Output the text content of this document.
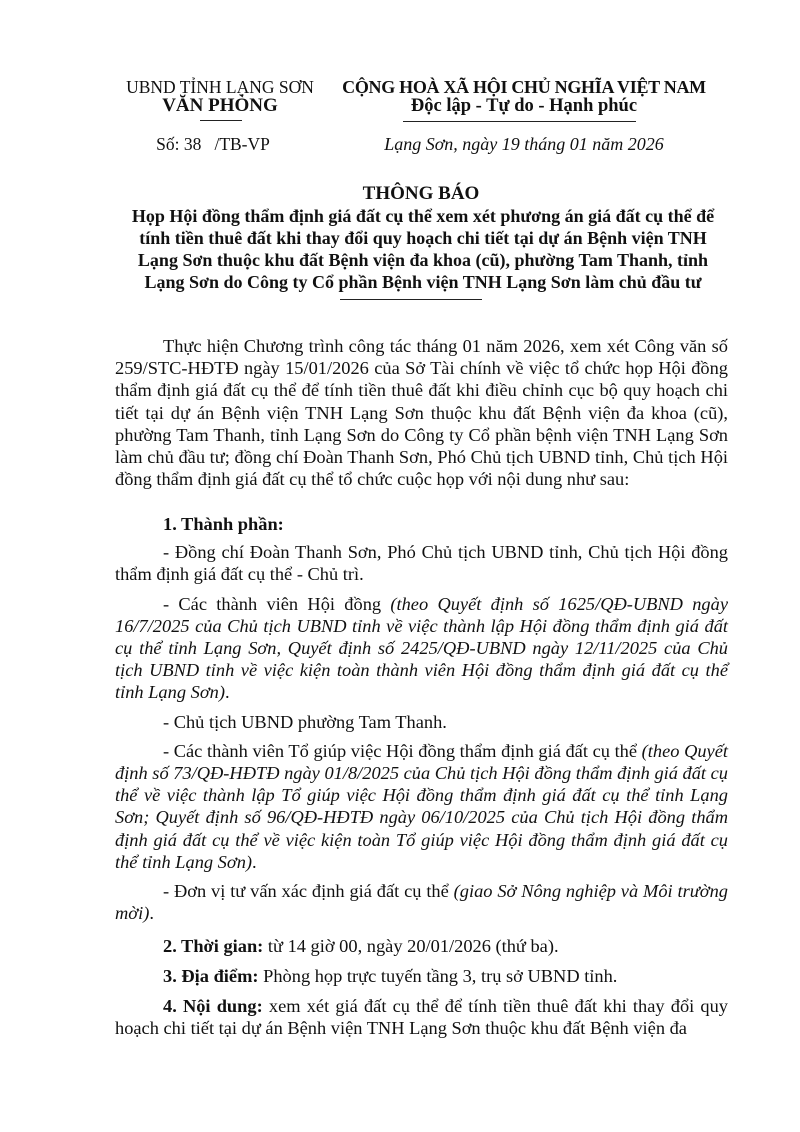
UBND TỈNH LẠNG SƠN
VĂN PHÒNG
Số: 38   /TB-VP
CỘNG HOÀ XÃ HỘI CHỦ NGHĨA VIỆT NAM
Độc lập - Tự do - Hạnh phúc
Lạng Sơn, ngày 19 tháng 01 năm 2026
THÔNG BÁO
Họp Hội đồng thẩm định giá đất cụ thể xem xét phương án giá đất cụ thể để tính tiền thuê đất khi thay đổi quy hoạch chi tiết tại dự án Bệnh viện TNH Lạng Sơn thuộc khu đất Bệnh viện đa khoa (cũ), phường Tam Thanh, tỉnh Lạng Sơn do Công ty Cổ phần Bệnh viện TNH Lạng Sơn làm chủ đầu tư

Thực hiện Chương trình công tác tháng 01 năm 2026, xem xét Công văn số 259/STC-HĐTĐ ngày 15/01/2026 của Sở Tài chính về việc tổ chức họp Hội đồng thẩm định giá đất cụ thể để tính tiền thuê đất khi điều chỉnh cục bộ quy hoạch chi tiết tại dự án Bệnh viện TNH Lạng Sơn thuộc khu đất Bệnh viện đa khoa (cũ), phường Tam Thanh, tỉnh Lạng Sơn do Công ty Cổ phần bệnh viện TNH Lạng Sơn làm chủ đầu tư; đồng chí Đoàn Thanh Sơn, Phó Chủ tịch UBND tỉnh, Chủ tịch Hội đồng thẩm định giá đất cụ thể tổ chức cuộc họp với nội dung như sau:

1. Thành phần:

- Đồng chí Đoàn Thanh Sơn, Phó Chủ tịch UBND tỉnh, Chủ tịch Hội đồng thẩm định giá đất cụ thể - Chủ trì.

- Các thành viên Hội đồng (theo Quyết định số 1625/QĐ-UBND ngày 16/7/2025 của Chủ tịch UBND tỉnh về việc thành lập Hội đồng thẩm định giá đất cụ thể tỉnh Lạng Sơn, Quyết định số 2425/QĐ-UBND ngày 12/11/2025 của Chủ tịch UBND tỉnh về việc kiện toàn thành viên Hội đồng thẩm định giá đất cụ thể tỉnh Lạng Sơn).

- Chủ tịch UBND phường Tam Thanh.

- Các thành viên Tổ giúp việc Hội đồng thẩm định giá đất cụ thể (theo Quyết định số 73/QĐ-HĐTĐ ngày 01/8/2025 của Chủ tịch Hội đồng thẩm định giá đất cụ thể về việc thành lập Tổ giúp việc Hội đồng thẩm định giá đất cụ thể tỉnh Lạng Sơn; Quyết định số 96/QĐ-HĐTĐ ngày 06/10/2025 của Chủ tịch Hội đồng thẩm định giá đất cụ thể về việc kiện toàn Tổ giúp việc Hội đồng thẩm định giá đất cụ thể tỉnh Lạng Sơn).

- Đơn vị tư vấn xác định giá đất cụ thể (giao Sở Nông nghiệp và Môi trường mời).

2. Thời gian: từ 14 giờ 00, ngày 20/01/2026 (thứ ba).

3. Địa điểm: Phòng họp trực tuyến tầng 3, trụ sở UBND tỉnh.

4. Nội dung: xem xét giá đất cụ thể để tính tiền thuê đất khi thay đổi quy hoạch chi tiết tại dự án Bệnh viện TNH Lạng Sơn thuộc khu đất Bệnh viện đa
